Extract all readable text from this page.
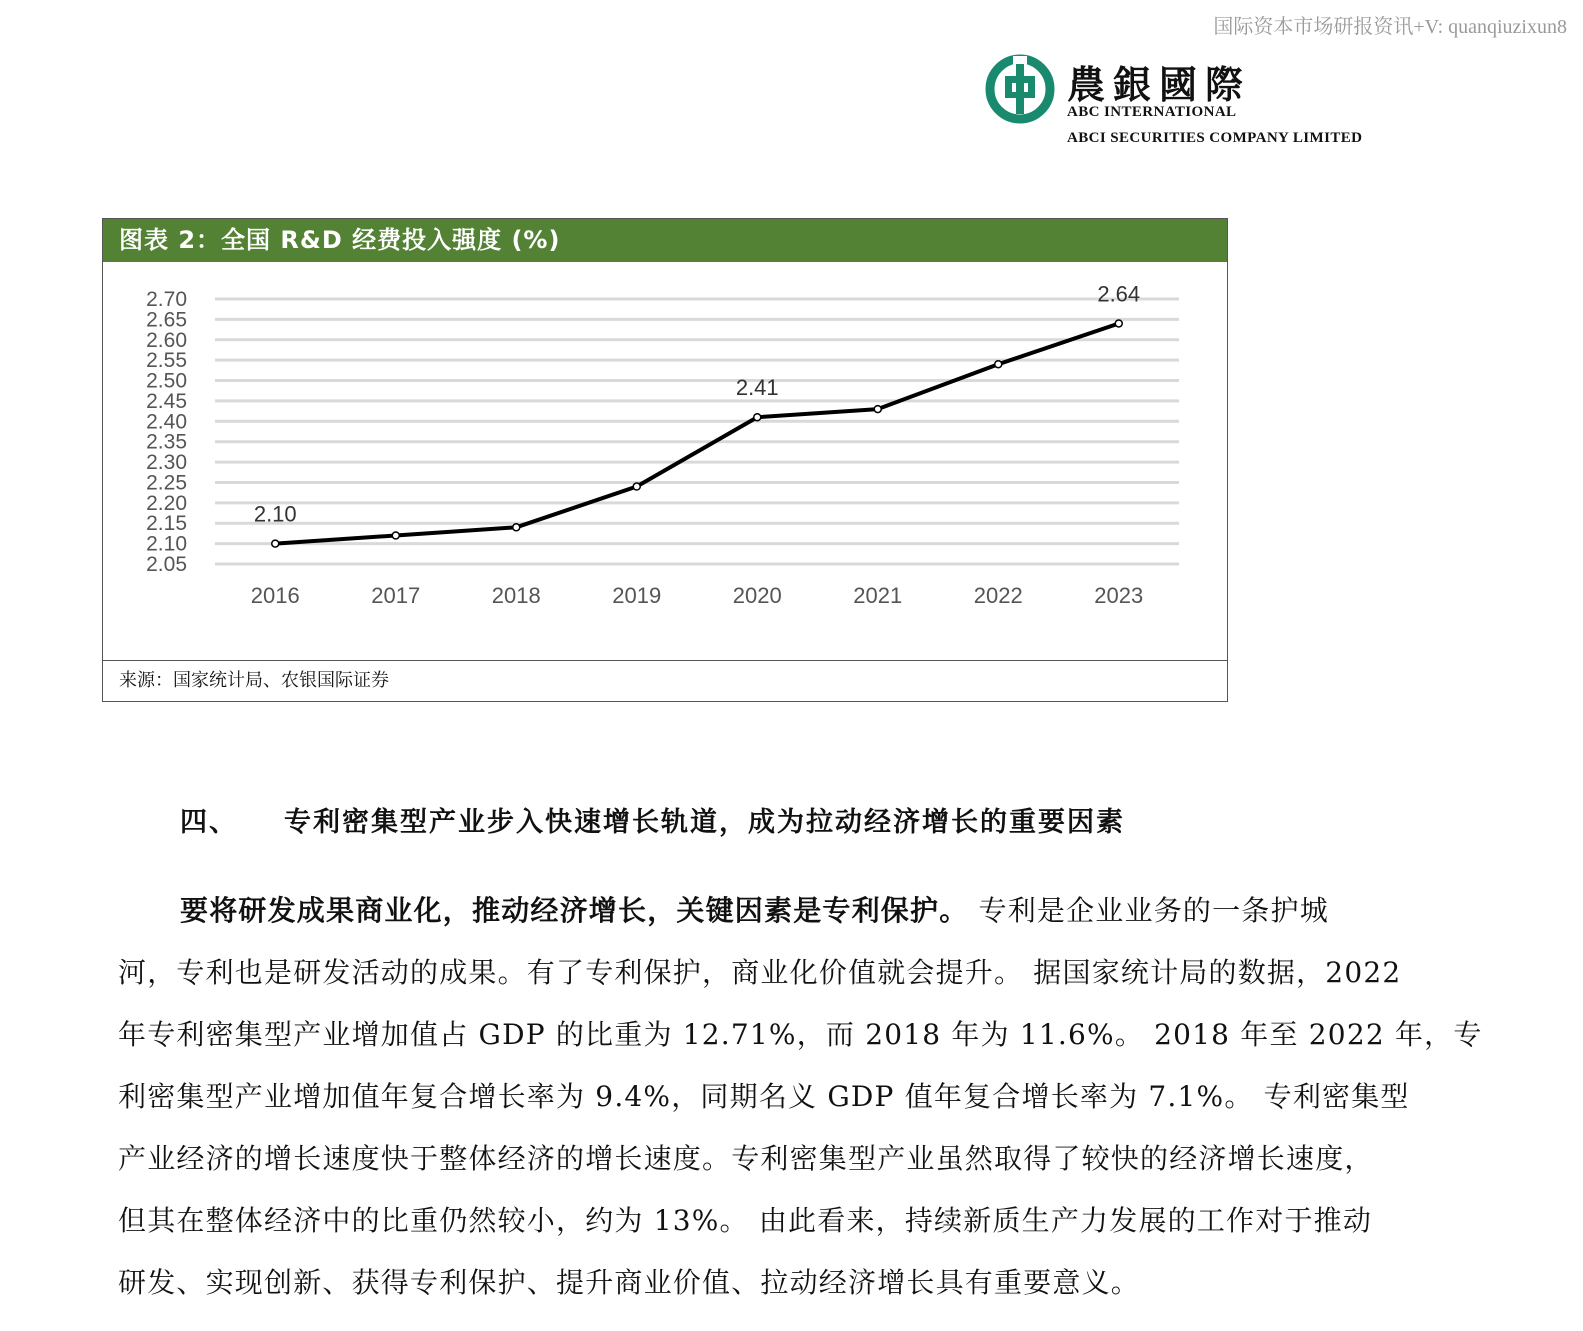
国际资本市场研报资讯+V: quanqiuzixun8
農銀國際
ABC INTERNATIONAL
ABCI SECURITIES COMPANY LIMITED
图表 2：全国 R&D 经费投入强度 (%)
2.70
2.65
2.60
2.55
2.50
2.45
2.40
2.35
2.30
2.25
2.20
2.15
2.10
2.05
2016	2017	2018	2019	2020	2021	2022	2023
2.10
2.41
2.64
来源：国家统计局、农银国际证券
四、 专利密集型产业步入快速增长轨道，成为拉动经济增长的重要因素
要将研发成果商业化，推动经济增长，关键因素是专利保护。 专利是企业业务的一条护城
河，专利也是研发活动的成果。有了专利保护，商业化价值就会提升。 据国家统计局的数据，2022
年专利密集型产业增加值占 GDP 的比重为 12.71%，而 2018 年为 11.6%。 2018 年至 2022 年，专
利密集型产业增加值年复合增长率为 9.4%，同期名义 GDP 值年复合增长率为 7.1%。 专利密集型
产业经济的增长速度快于整体经济的增长速度。专利密集型产业虽然取得了较快的经济增长速度，
但其在整体经济中的比重仍然较小，约为 13%。 由此看来，持续新质生产力发展的工作对于推动
研发、实现创新、获得专利保护、提升商业价值、拉动经济增长具有重要意义。
